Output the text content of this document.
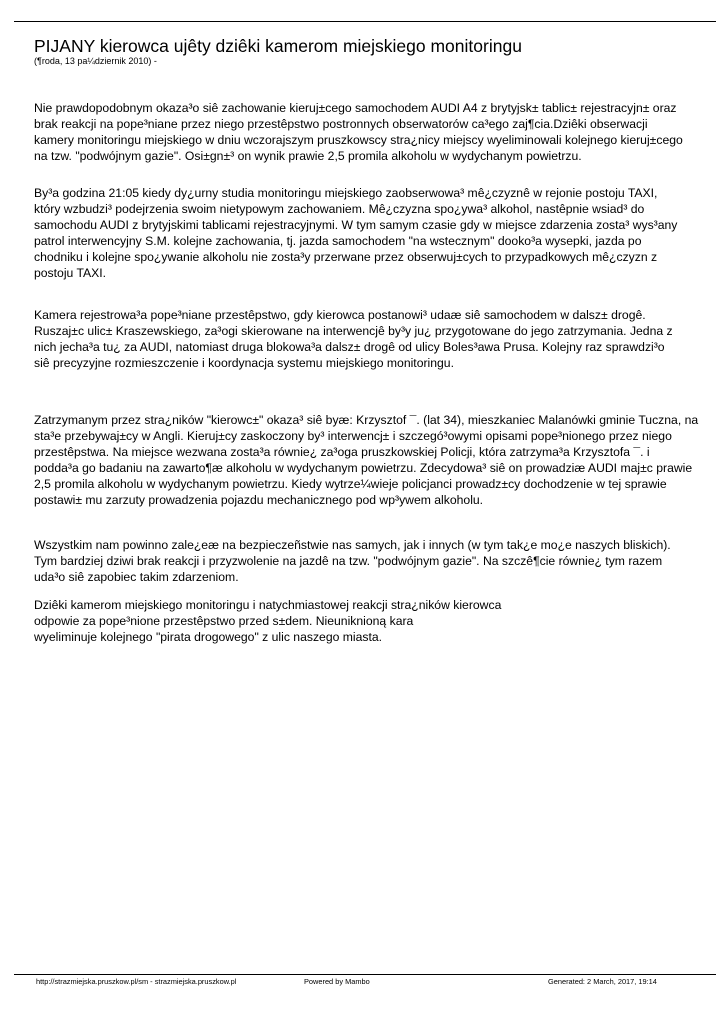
PIJANY kierowca ujêty dziêki kamerom miejskiego monitoringu
(¶roda, 13 pa¼dziernik 2010) -
Nie prawdopodobnym okaza³o siê zachowanie kieruj±cego samochodem AUDI A4 z brytyjsk± tablic± rejestracyjn± oraz
brak reakcji na pope³niane przez niego przestêpstwo postronnych obserwatorów ca³ego zaj¶cia.Dziêki obserwacji
kamery monitoringu miejskiego w dniu wczorajszym pruszkowscy stra¿nicy miejscy wyeliminowali kolejnego kieruj±cego
na tzw. "podwójnym gazie". Osi±gn±³ on wynik prawie 2,5 promila alkoholu w wydychanym powietrzu.
By³a godzina 21:05 kiedy dy¿urny studia monitoringu miejskiego zaobserwowa³ mê¿czyznê w rejonie postoju TAXI,
który wzbudzi³ podejrzenia swoim nietypowym zachowaniem. Mê¿czyzna spo¿ywa³ alkohol, nastêpnie wsiad³ do
samochodu AUDI z brytyjskimi tablicami rejestracyjnymi. W tym samym czasie gdy w miejsce zdarzenia zosta³ wys³any
patrol interwencyjny S.M. kolejne zachowania, tj. jazda samochodem "na wstecznym" dooko³a wysepki, jazda po
chodniku i kolejne spo¿ywanie alkoholu nie zosta³y przerwane przez obserwuj±cych to przypadkowych mê¿czyzn z
postoju TAXI.
Kamera rejestrowa³a pope³niane przestêpstwo, gdy kierowca postanowi³ udaæ siê samochodem w dalsz± drogê.
Ruszaj±c ulic± Kraszewskiego, za³ogi skierowane na interwencjê by³y ju¿ przygotowane do jego zatrzymania. Jedna z
nich jecha³a tu¿ za AUDI, natomiast druga blokowa³a dalsz± drogê od ulicy Boles³awa Prusa. Kolejny raz sprawdzi³o
siê precyzyjne rozmieszczenie i koordynacja systemu miejskiego monitoringu.
Zatrzymanym przez stra¿ników "kierowc±" okaza³ siê byæ: Krzysztof ¯. (lat 34), mieszkaniec Malanówki gminie Tuczna, na
sta³e przebywaj±cy w Angli. Kieruj±cy zaskoczony by³ interwencj± i szczegó³owymi opisami pope³nionego przez niego
przestêpstwa. Na miejsce wezwana zosta³a równie¿ za³oga pruszkowskiej Policji, która zatrzyma³a Krzysztofa ¯. i
podda³a go badaniu na zawarto¶æ alkoholu w wydychanym powietrzu. Zdecydowa³ siê on prowadziæ AUDI maj±c prawie
2,5 promila alkoholu w wydychanym powietrzu. Kiedy wytrze¼wieje policjanci prowadz±cy dochodzenie w tej sprawie
postawi± mu zarzuty prowadzenia pojazdu mechanicznego pod wp³ywem alkoholu.
Wszystkim nam powinno zale¿eæ na bezpieczeñstwie nas samych, jak i innych (w tym tak¿e mo¿e naszych bliskich).
Tym bardziej dziwi brak reakcji i przyzwolenie na jazdê na tzw. "podwójnym gazie". Na szczê¶cie równie¿ tym razem
uda³o siê zapobiec takim zdarzeniom.
Dziêki kamerom miejskiego monitoringu i natychmiastowej reakcji stra¿ników kierowca
odpowie za pope³nione przestêpstwo przed s±dem. Nieuniknioną kara
wyeliminuje kolejnego "pirata drogowego" z ulic naszego miasta.
http://strazmiejska.pruszkow.pl/sm - strazmiejska.pruszkow.pl	Powered by Mambo	Generated: 2 March, 2017, 19:14
